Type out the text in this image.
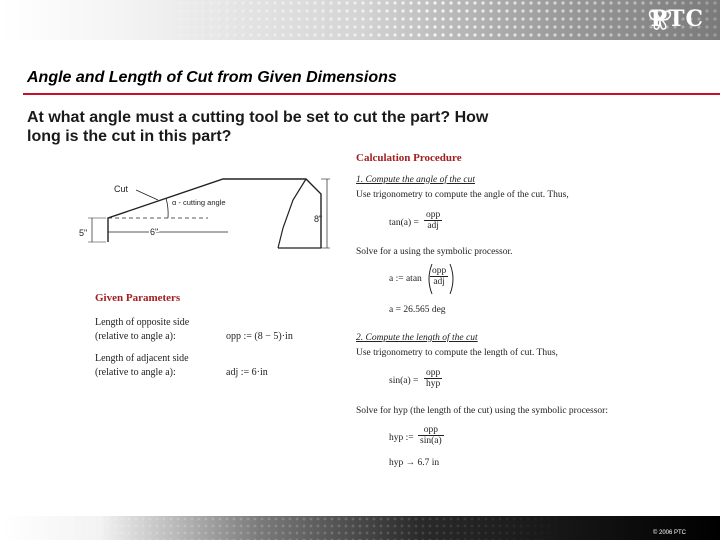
PTC
Angle and Length of Cut from Given Dimensions
At what angle must a cutting tool be set to cut the part? How long is the cut in this part?
Cut
α - cutting angle
5"	6"
8"
Calculation Procedure
1. Compute the angle of the cut
Use trigonometry to compute the angle of the cut. Thus,
tan(a) =
opp
adj
Solve for a using the symbolic processor.
a := atan
opp
adj
a = 26.565 deg
2. Compute the length of the cut
Use trigonometry to compute the length of cut. Thus,
sin(a) =
opp
hyp
Solve for hyp (the length of the cut) using the symbolic processor:
hyp :=
opp
sin(a)
hyp → 6.7 in
Given Parameters
Length of opposite side
(relative to angle a):	opp := (8 − 5)·in
Length of adjacent side
(relative to angle a):	adj := 6·in
© 2006 PTC
